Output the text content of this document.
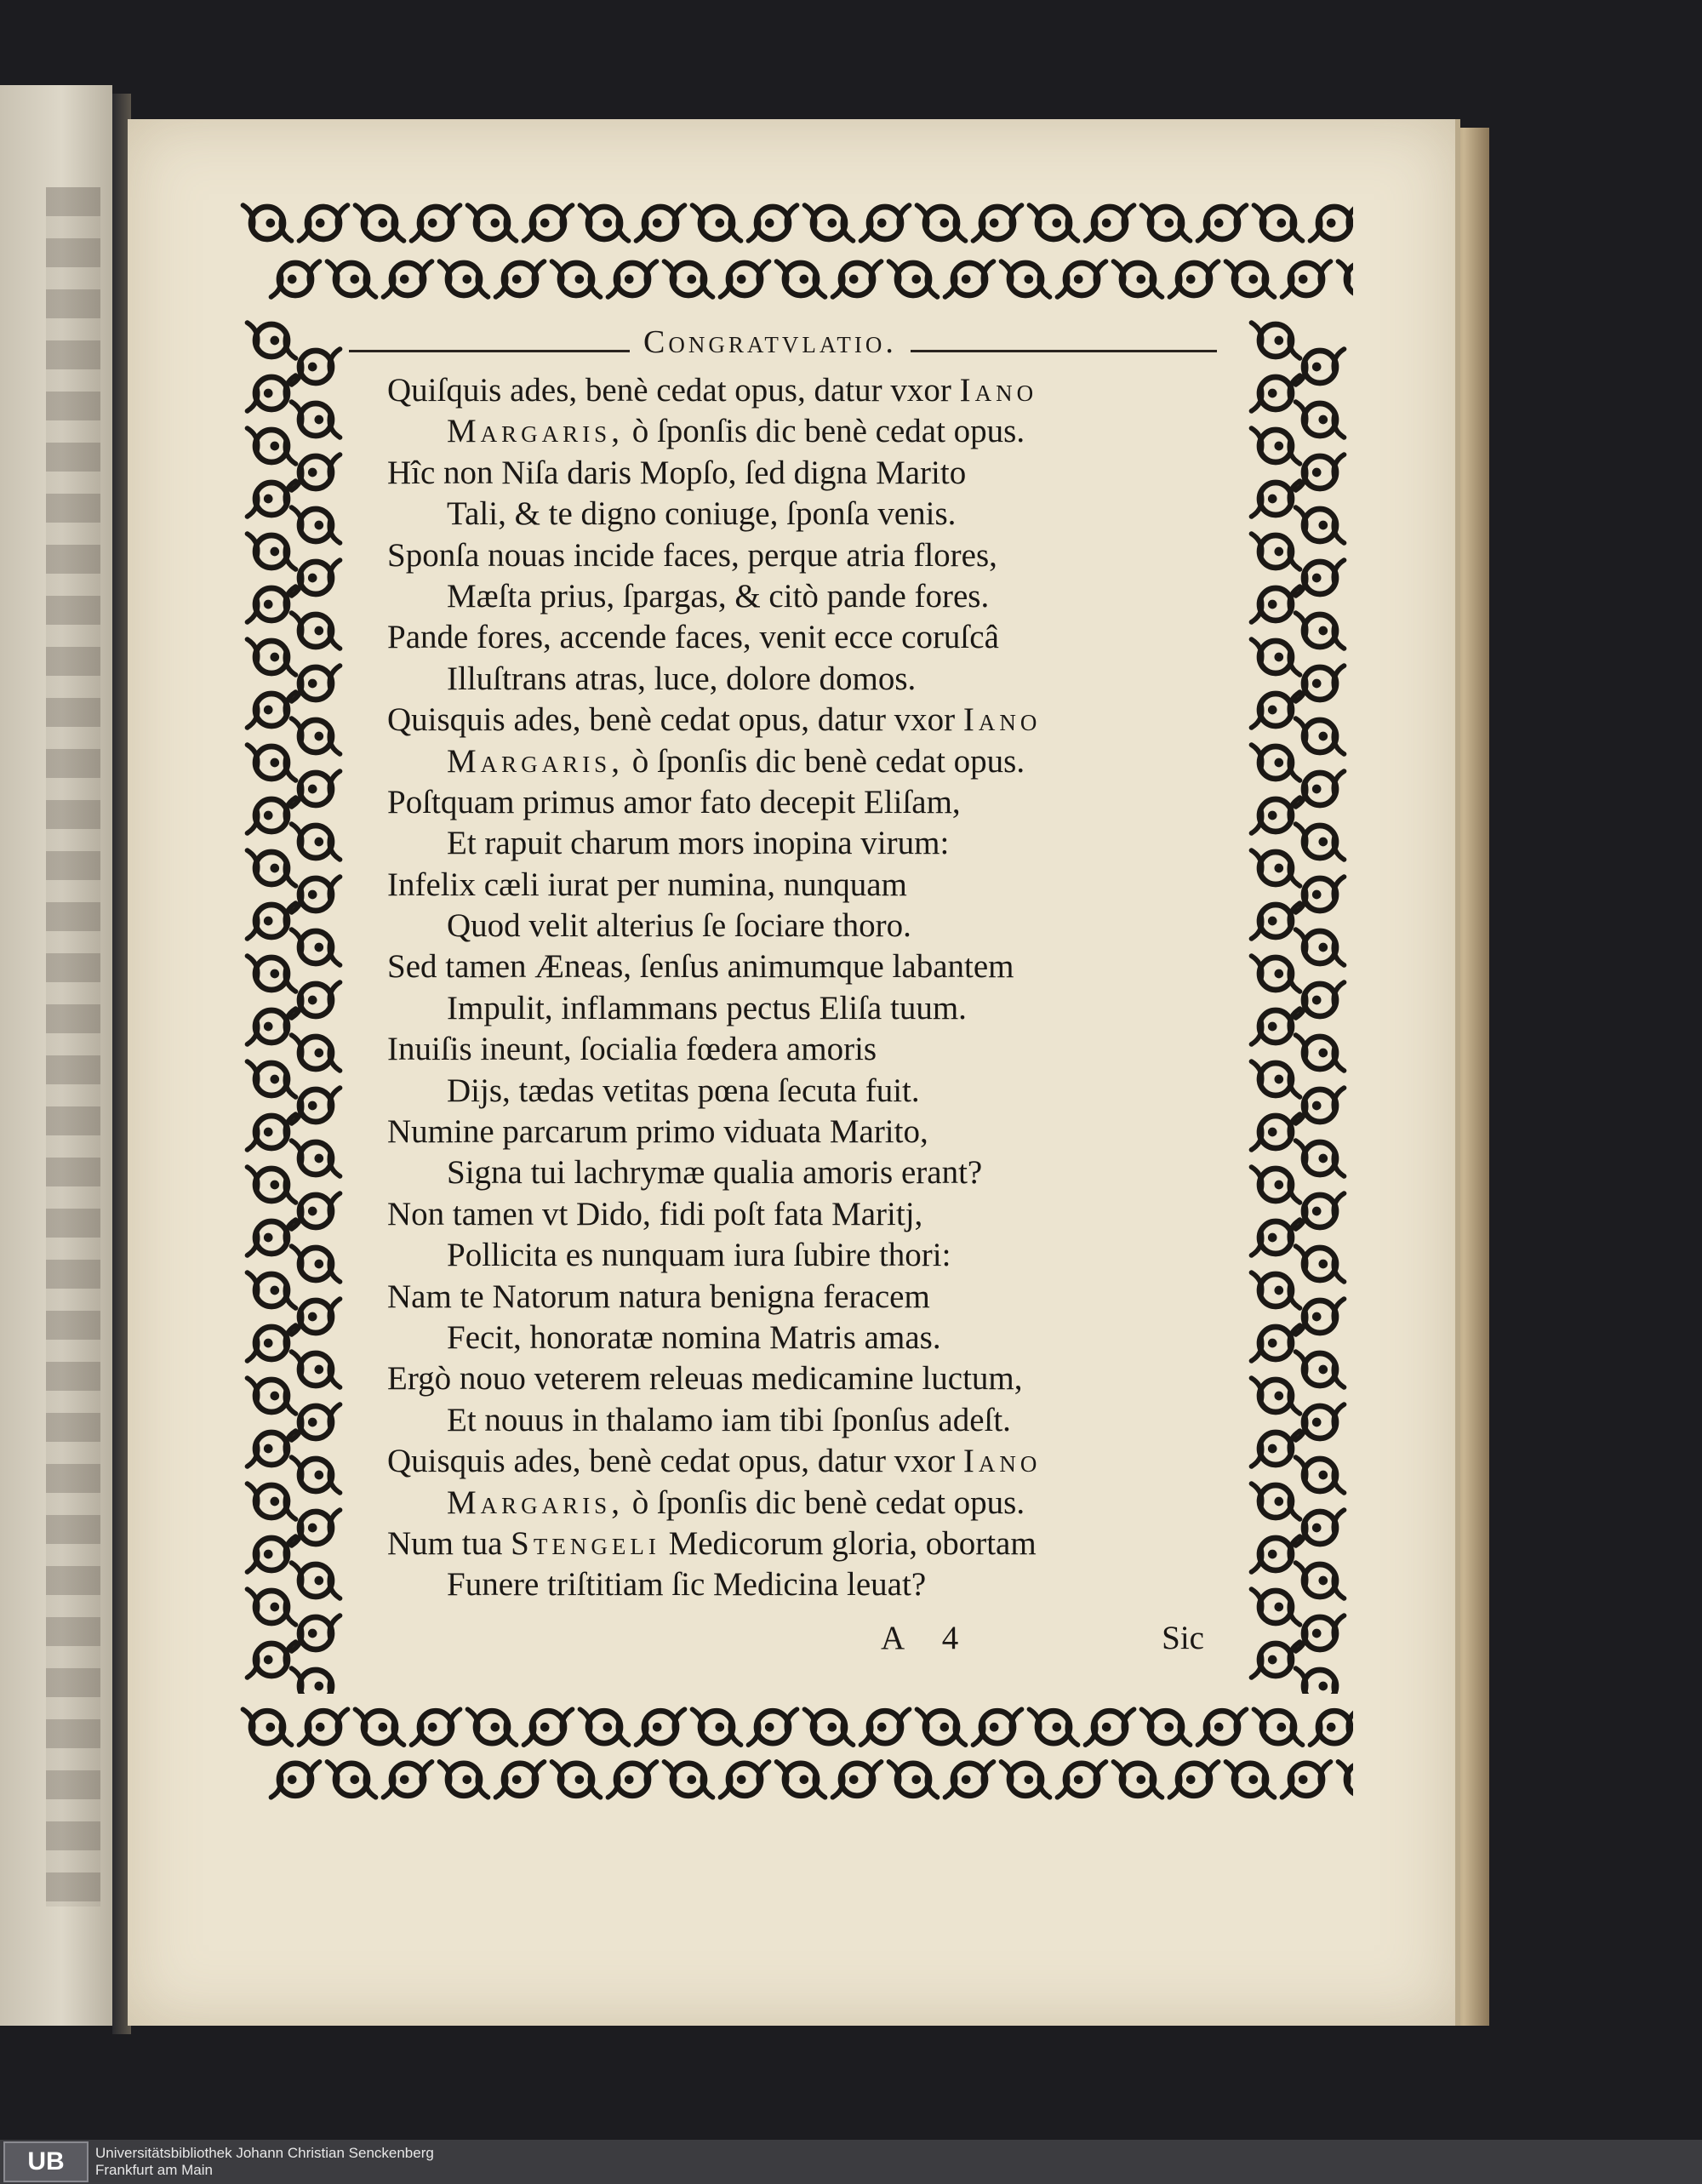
Congratvlatio.
Quiſquis ades, benè cedat opus, datur vxor Iano
Margaris, ò ſponſis dic benè cedat opus.
Hîc non Niſa daris Mopſo, ſed digna Marito
Tali, & te digno coniuge, ſponſa venis.
Sponſa nouas incide faces, perque atria flores,
Mæſta prius, ſpargas, & citò pande fores.
Pande fores, accende faces, venit ecce coruſcâ
Illuſtrans atras, luce, dolore domos.
Quisquis ades, benè cedat opus, datur vxor Iano
Margaris, ò ſponſis dic benè cedat opus.
Poſtquam primus amor fato decepit Eliſam,
Et rapuit charum mors inopina virum:
Infelix cæli iurat per numina, nunquam
Quod velit alterius ſe ſociare thoro.
Sed tamen Æneas, ſenſus animumque labantem
Impulit, inflammans pectus Eliſa tuum.
Inuiſis ineunt, ſocialia fœdera amoris
Dijs, tædas vetitas pœna ſecuta fuit.
Numine parcarum primo viduata Marito,
Signa tui lachrymæ qualia amoris erant?
Non tamen vt Dido, fidi poſt fata Maritj,
Pollicita es nunquam iura ſubire thori:
Nam te Natorum natura benigna feracem
Fecit, honoratæ nomina Matris amas.
Ergò nouo veterem releuas medicamine luctum,
Et nouus in thalamo iam tibi ſponſus adeſt.
Quisquis ades, benè cedat opus, datur vxor Iano
Margaris, ò ſponſis dic benè cedat opus.
Num tua Stengeli Medicorum gloria, obortam
Funere triſtitiam ſic Medicina leuat?
A 4	Sic
UB	Universitätsbibliothek Johann Christian Senckenberg
Frankfurt am Main
